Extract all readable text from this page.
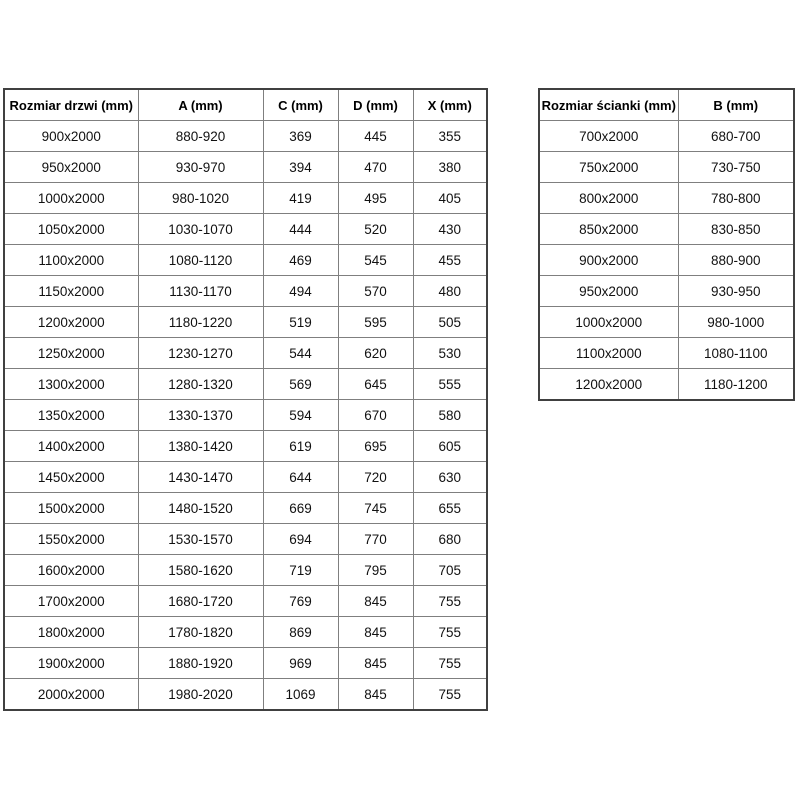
Rozmiar drzwi (mm)	A (mm)	C (mm)	D (mm)	X (mm)
900x2000	880-920	369	445	355
950x2000	930-970	394	470	380
1000x2000	980-1020	419	495	405
1050x2000	1030-1070	444	520	430
1100x2000	1080-1120	469	545	455
1150x2000	1130-1170	494	570	480
1200x2000	1180-1220	519	595	505
1250x2000	1230-1270	544	620	530
1300x2000	1280-1320	569	645	555
1350x2000	1330-1370	594	670	580
1400x2000	1380-1420	619	695	605
1450x2000	1430-1470	644	720	630
1500x2000	1480-1520	669	745	655
1550x2000	1530-1570	694	770	680
1600x2000	1580-1620	719	795	705
1700x2000	1680-1720	769	845	755
1800x2000	1780-1820	869	845	755
1900x2000	1880-1920	969	845	755
2000x2000	1980-2020	1069	845	755
Rozmiar ścianki (mm)	B (mm)
700x2000	680-700
750x2000	730-750
800x2000	780-800
850x2000	830-850
900x2000	880-900
950x2000	930-950
1000x2000	980-1000
1100x2000	1080-1100
1200x2000	1180-1200
